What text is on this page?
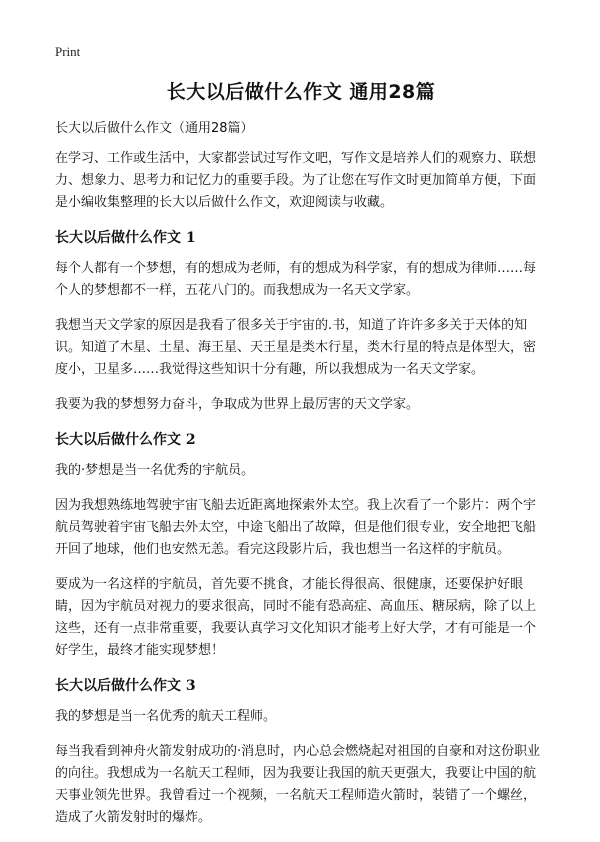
Print
长大以后做什么作文 通用28篇
长大以后做什么作文（通用28篇）

在学习、工作或生活中，大家都尝试过写作文吧，写作文是培养人们的观察力、联想力、想象力、思考力和记忆力的重要手段。为了让您在写作文时更加简单方便，下面是小编收集整理的长大以后做什么作文，欢迎阅读与收藏。

长大以后做什么作文 1

每个人都有一个梦想，有的想成为老师，有的想成为科学家，有的想成为律师……每个人的梦想都不一样，五花八门的。而我想成为一名天文学家。

我想当天文学家的原因是我看了很多关于宇宙的.书，知道了许许多多关于天体的知识。知道了木星、土星、海王星、天王星是类木行星，类木行星的特点是体型大，密度小，卫星多……我觉得这些知识十分有趣，所以我想成为一名天文学家。

我要为我的梦想努力奋斗，争取成为世界上最厉害的天文学家。

长大以后做什么作文 2

我的·梦想是当一名优秀的宇航员。

因为我想熟练地驾驶宇宙飞船去近距离地探索外太空。我上次看了一个影片：两个宇航员驾驶着宇宙飞船去外太空，中途飞船出了故障，但是他们很专业，安全地把飞船开回了地球，他们也安然无恙。看完这段影片后，我也想当一名这样的宇航员。

要成为一名这样的宇航员，首先要不挑食，才能长得很高、很健康，还要保护好眼睛，因为宇航员对视力的要求很高，同时不能有恐高症、高血压、糖尿病，除了以上这些，还有一点非常重要，我要认真学习文化知识才能考上好大学，才有可能是一个好学生，最终才能实现梦想！

长大以后做什么作文 3

我的梦想是当一名优秀的航天工程师。

每当我看到神舟火箭发射成功的·消息时，内心总会燃烧起对祖国的自豪和对这份职业的向往。我想成为一名航天工程师，因为我要让我国的航天更强大，我要让中国的航天事业领先世界。我曾看过一个视频，一名航天工程师造火箭时，装错了一个螺丝，造成了火箭发射时的爆炸。
